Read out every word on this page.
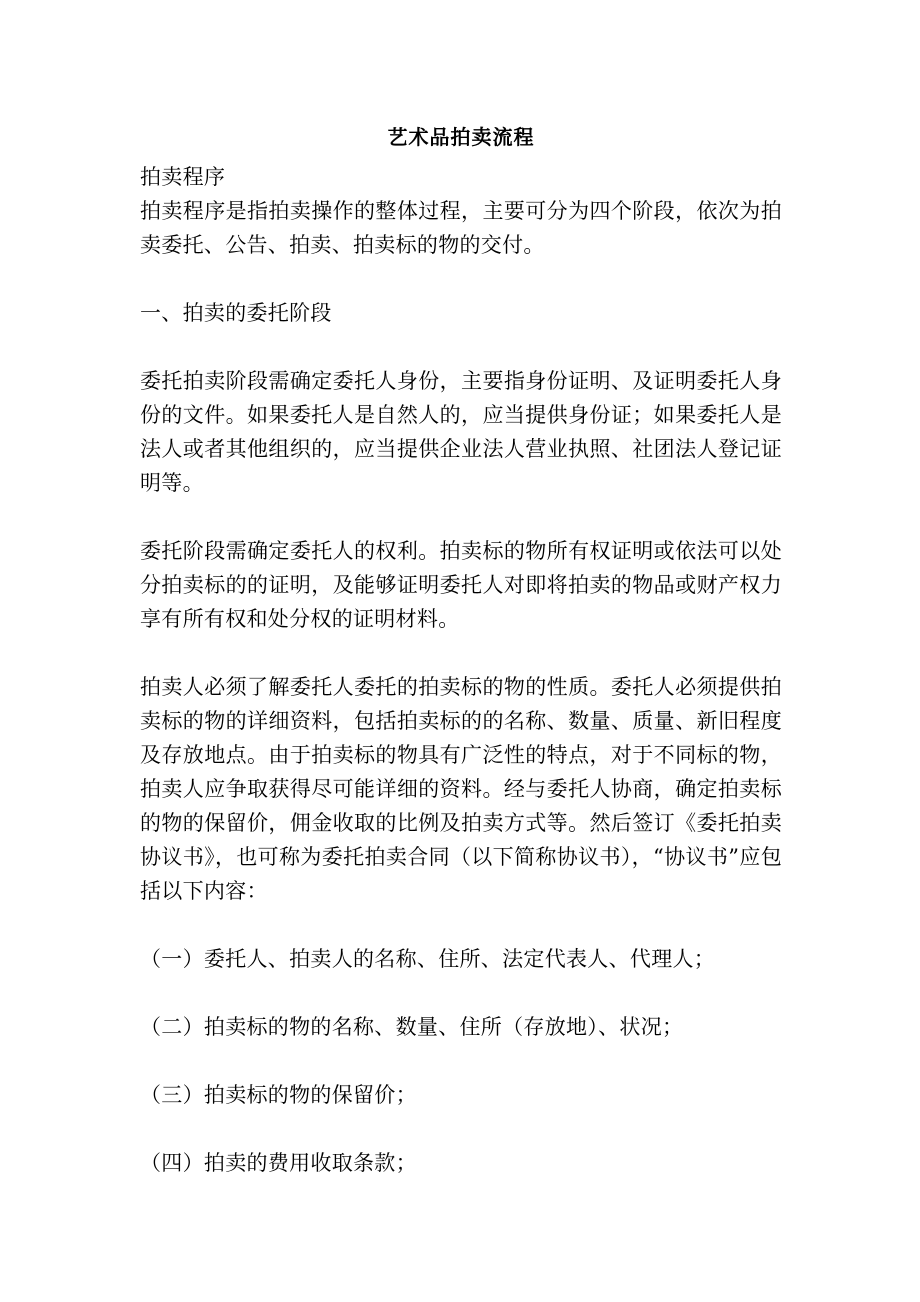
艺术品拍卖流程

拍卖程序

拍卖程序是指拍卖操作的整体过程，主要可分为四个阶段，依次为拍卖委托、公告、拍卖、拍卖标的物的交付。

一、拍卖的委托阶段

委托拍卖阶段需确定委托人身份，主要指身份证明、及证明委托人身份的文件。如果委托人是自然人的，应当提供身份证；如果委托人是法人或者其他组织的，应当提供企业法人营业执照、社团法人登记证明等。

委托阶段需确定委托人的权利。拍卖标的物所有权证明或依法可以处分拍卖标的的证明，及能够证明委托人对即将拍卖的物品或财产权力享有所有权和处分权的证明材料。

拍卖人必须了解委托人委托的拍卖标的物的性质。委托人必须提供拍卖标的物的详细资料，包括拍卖标的的名称、数量、质量、新旧程度及存放地点。由于拍卖标的物具有广泛性的特点，对于不同标的物，拍卖人应争取获得尽可能详细的资料。经与委托人协商，确定拍卖标的物的保留价，佣金收取的比例及拍卖方式等。然后签订《委托拍卖协议书》，也可称为委托拍卖合同（以下简称协议书），“协议书”应包括以下内容：

（一）委托人、拍卖人的名称、住所、法定代表人、代理人；

（二）拍卖标的物的名称、数量、住所（存放地）、状况；

（三）拍卖标的物的保留价；

（四）拍卖的费用收取条款；
